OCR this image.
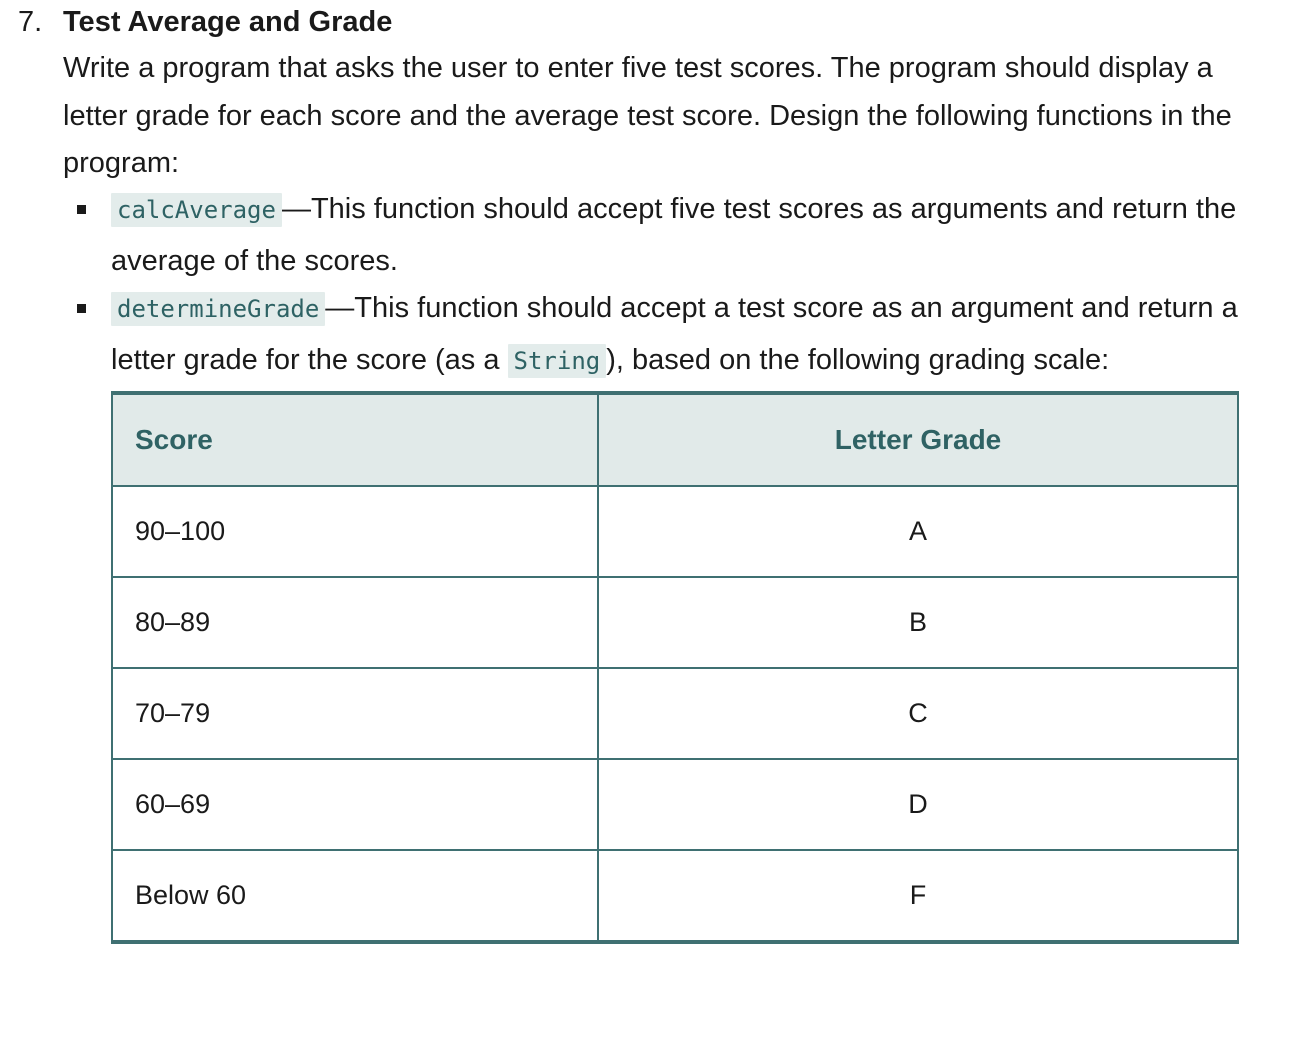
7. Test Average and Grade

Write a program that asks the user to enter five test scores. The program should display a letter grade for each score and the average test score. Design the following functions in the program:

calcAverage —This function should accept five test scores as arguments and return the average of the scores.
determineGrade —This function should accept a test score as an argument and return a letter grade for the score (as a String ), based on the following grading scale:
Score	Letter Grade
90–100	A
80–89	B
70–79	C
60–69	D
Below 60	F
